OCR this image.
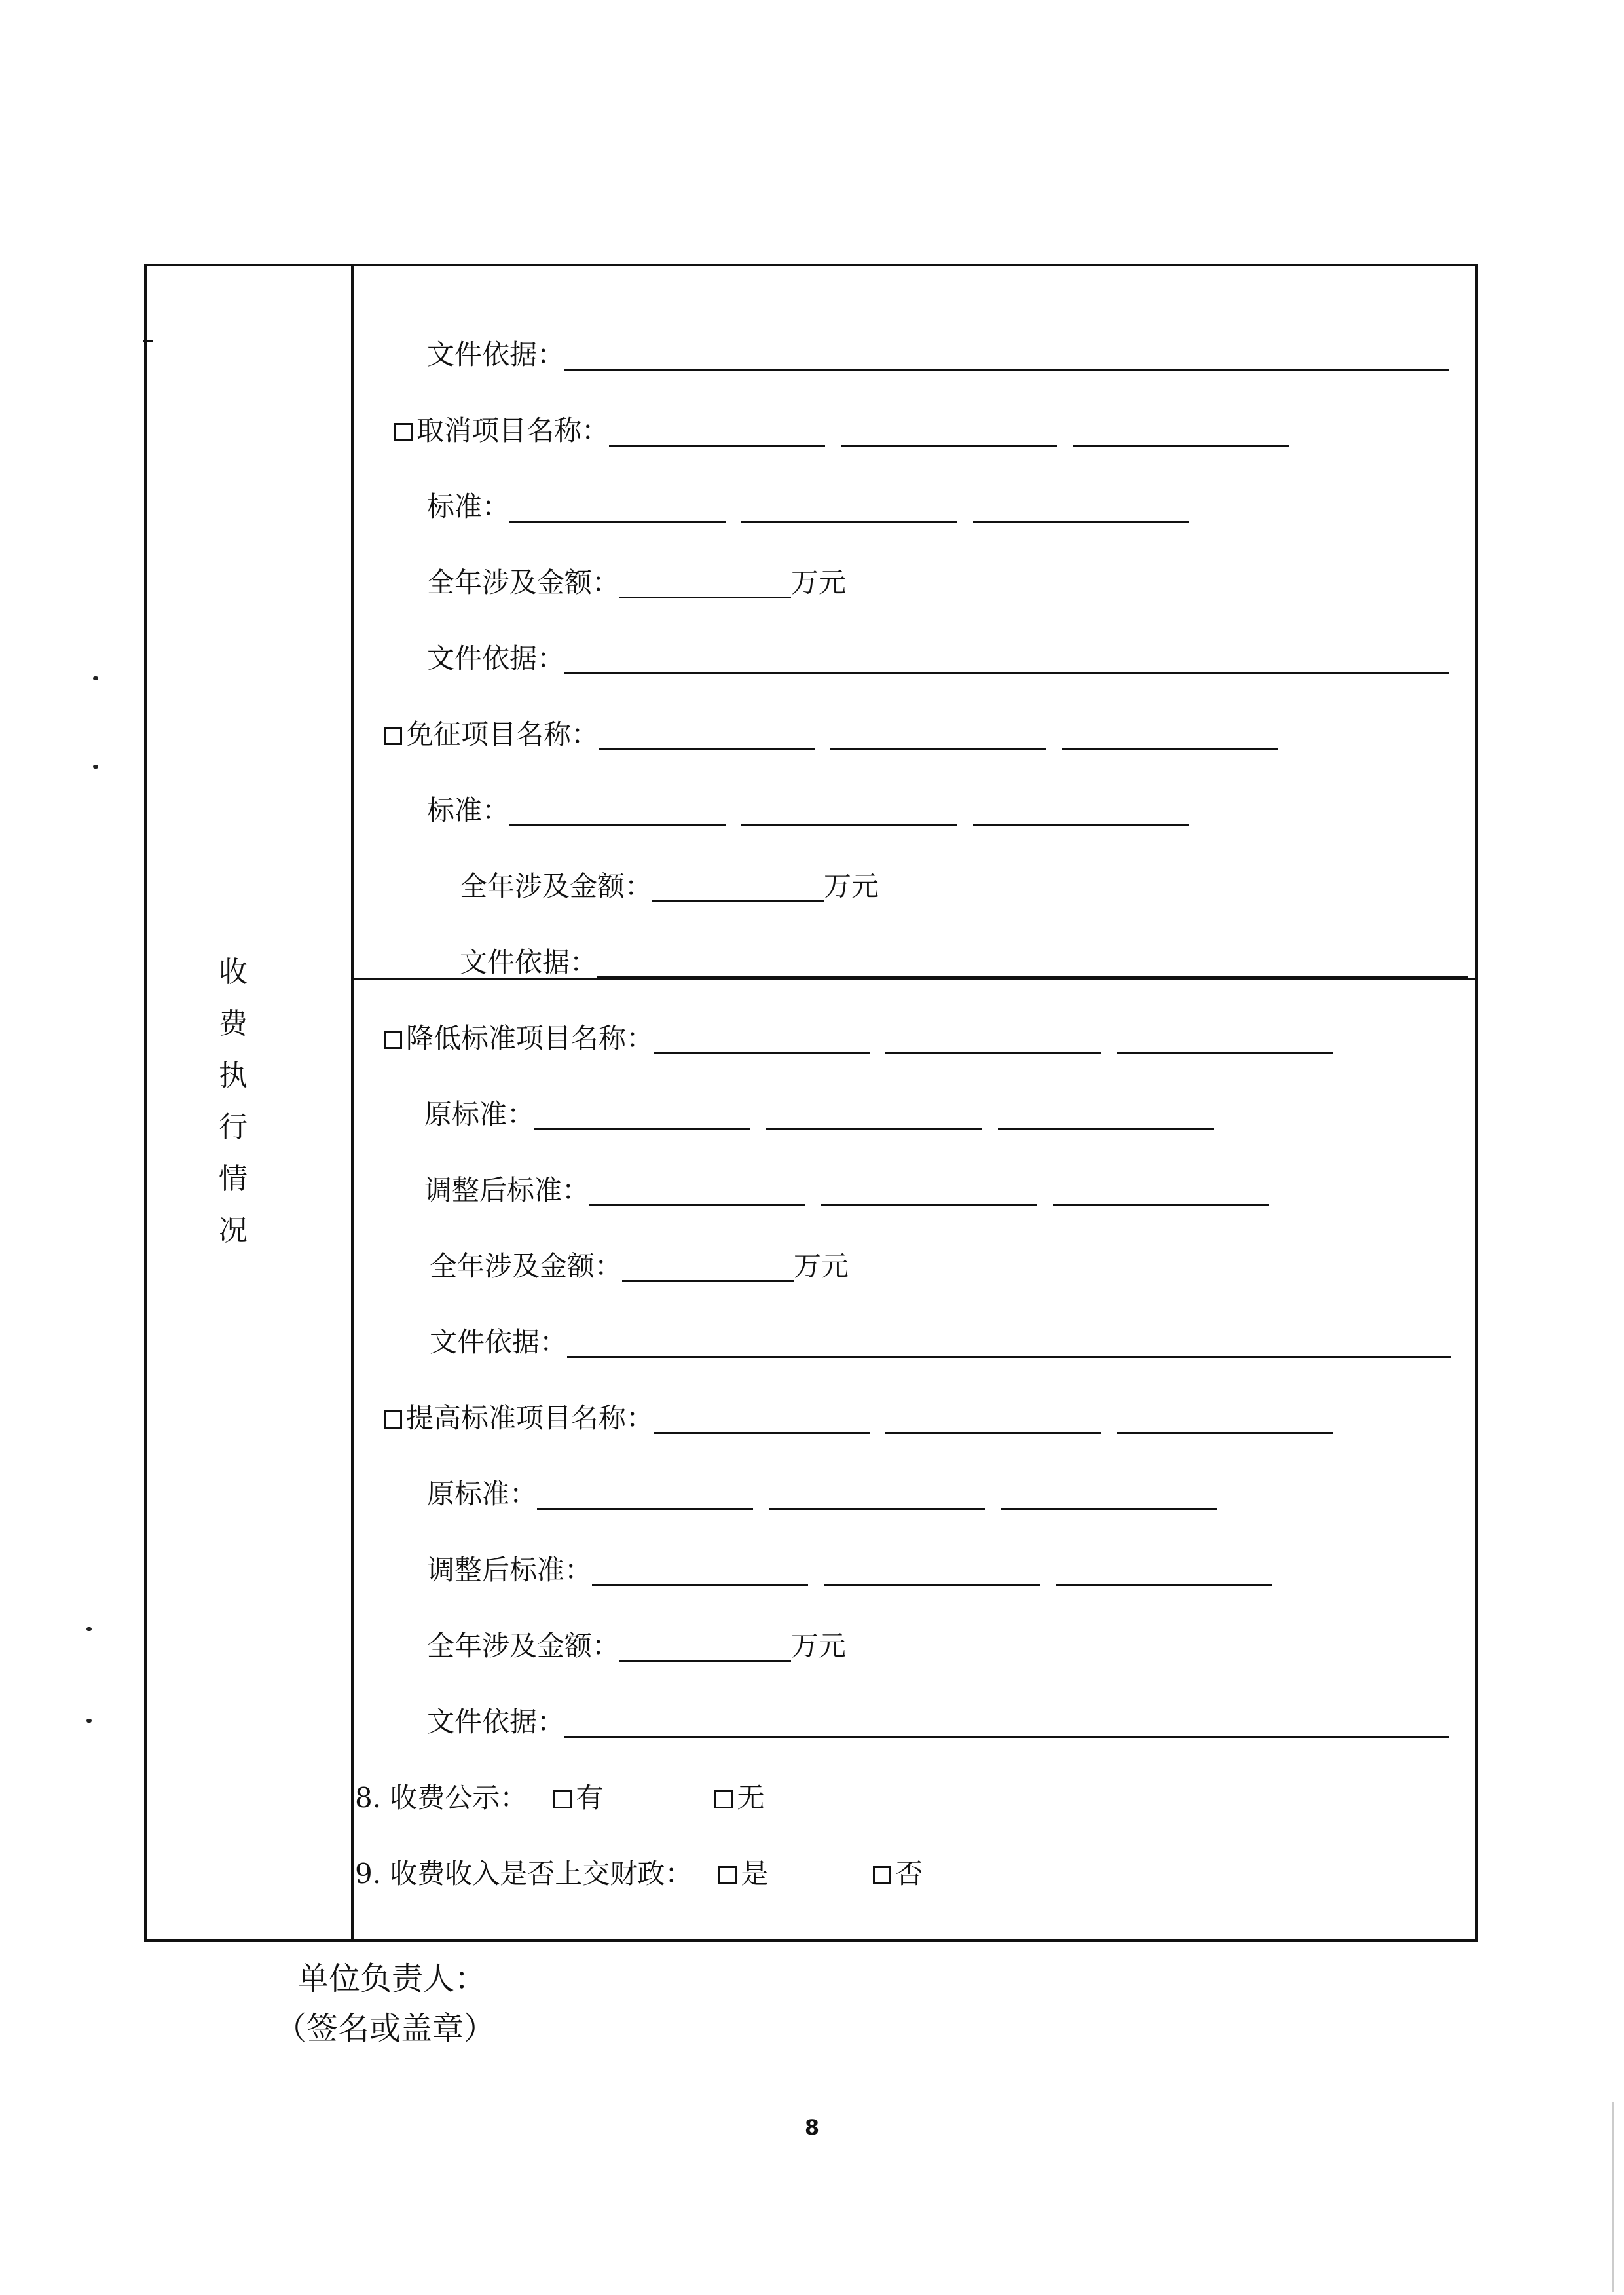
收
费
执
行
情
况
文件依据：
取消项目名称：
标准：
全年涉及金额：	万元
文件依据：
免征项目名称：
标准：
全年涉及金额：	万元
文件依据：
降低标准项目名称：
原标准：
调整后标准：
全年涉及金额：	万元
文件依据：
提高标准项目名称：
原标准：
调整后标准：
全年涉及金额：	万元
文件依据：
8. 收费公示： 有	无
9. 收费收入是否上交财政： 是	否
单位负责人：
（签名或盖章）
8
